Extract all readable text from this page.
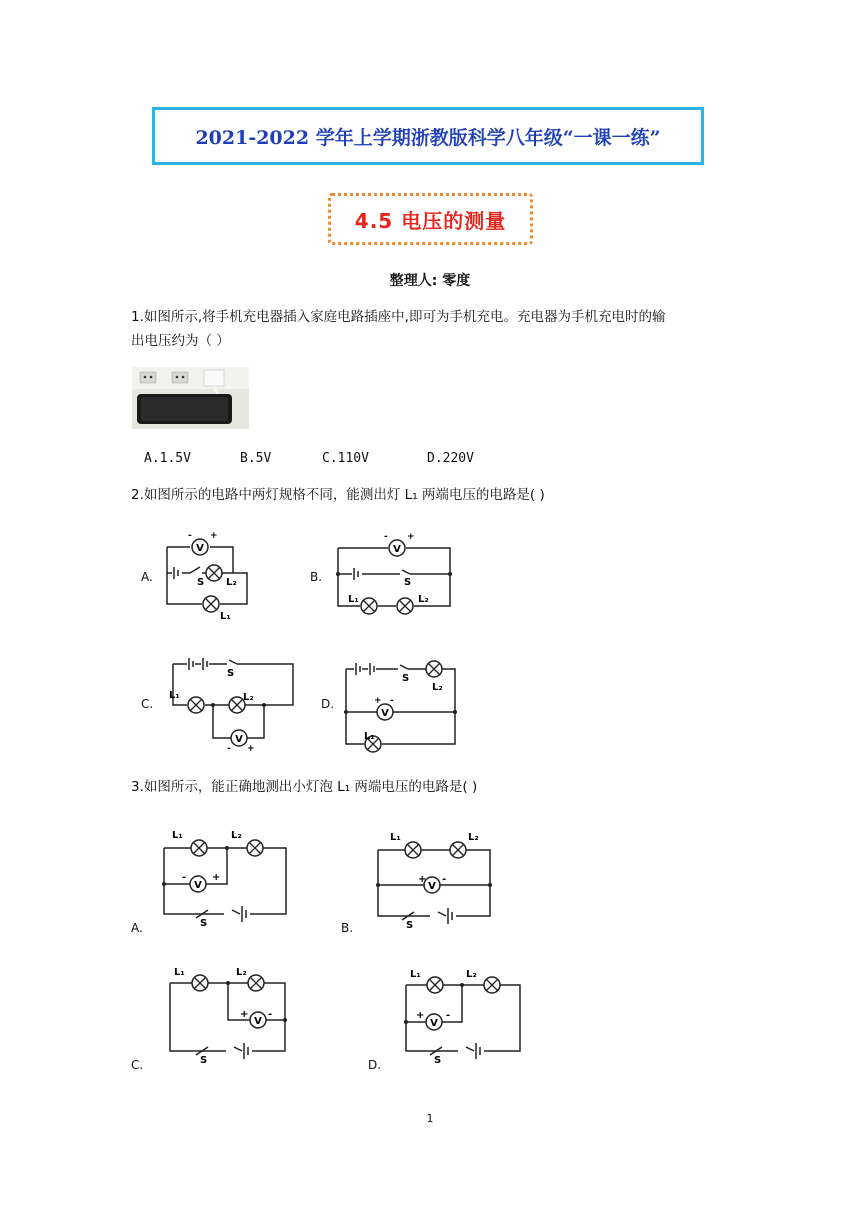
2021-2022 学年上学期浙教版科学八年级“一课一练”
4.5 电压的测量
整理人: 零度
1.如图所示,将手机充电器插入家庭电路插座中,即可为手机充电。充电器为手机充电时的输
出电压约为（ ）
A.1.5V	B.5V	C.110V	D.220V
2.如图所示的电路中两灯规格不同，能测出灯 L₁ 两端电压的电路是( )
A.	B.
C.	D.
V
- +
S L₂
L₁
V
- +
S
L₁	L₂
V
S
L₁	L₂
- +
V
S
L₂
+ -
L₁
3.如图所示，能正确地测出小灯泡 L₁ 两端电压的电路是( )
A.	B.
C.	D.
V
L₁	L₂
-	+
S
V
L₁	L₂
+ -
S
V
L₁	L₂
+ -
S
V
L₁	L₂
+ -
S
1
